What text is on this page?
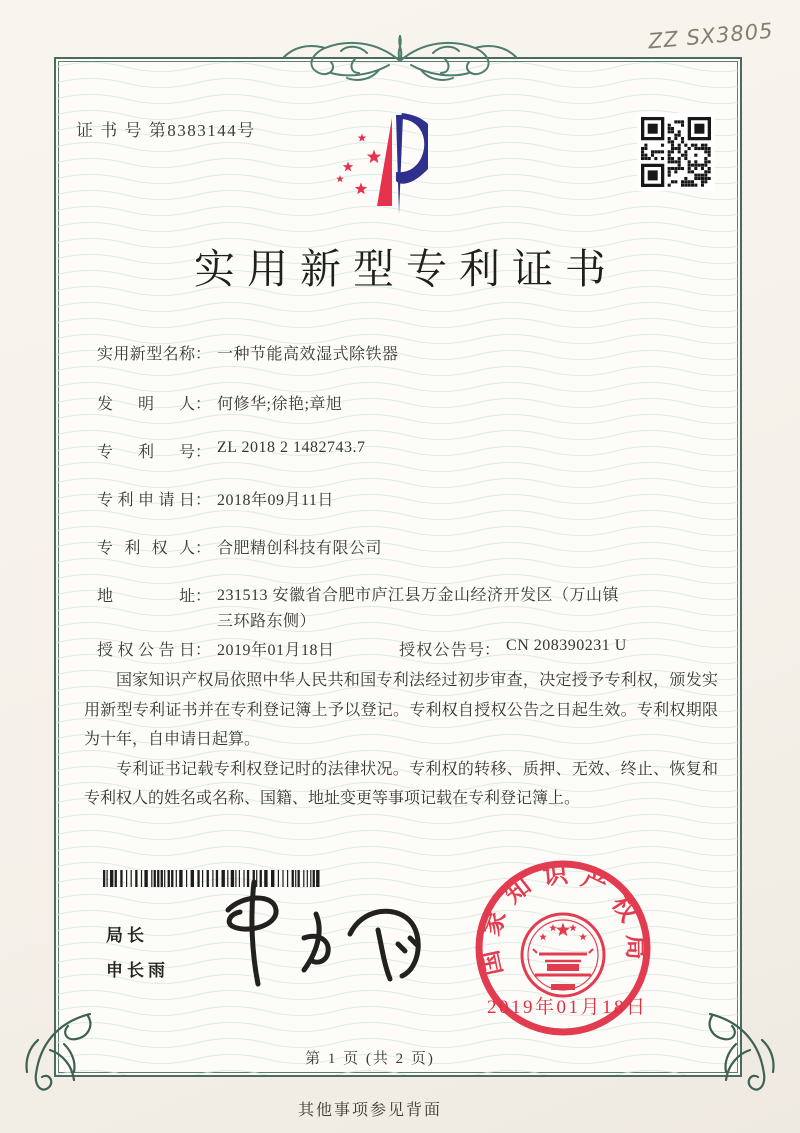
ZZ SX3805
证 书 号 第8383144号
实用新型专利证书
实用新型名称： 一种节能高效湿式除铁器
发明人： 何修华;徐艳;章旭
专利号： ZL 2018 2 1482743.7
专利申请日： 2018年09月11日
专利权人： 合肥精创科技有限公司
地址： 231513 安徽省合肥市庐江县万金山经济开发区（万山镇三环路东侧）
授权公告日： 2019年01月18日	授权公告号： CN 208390231 U

国家知识产权局依照中华人民共和国专利法经过初步审查，决定授予专利权，颁发实用新型专利证书并在专利登记簿上予以登记。专利权自授权公告之日起生效。专利权期限为十年，自申请日起算。

专利证书记载专利权登记时的法律状况。专利权的转移、质押、无效、终止、恢复和专利权人的姓名或名称、国籍、地址变更等事项记载在专利登记簿上。

局长
申长雨	国家知识产权局
2019年01月18日
第 1 页 (共 2 页)
其他事项参见背面
